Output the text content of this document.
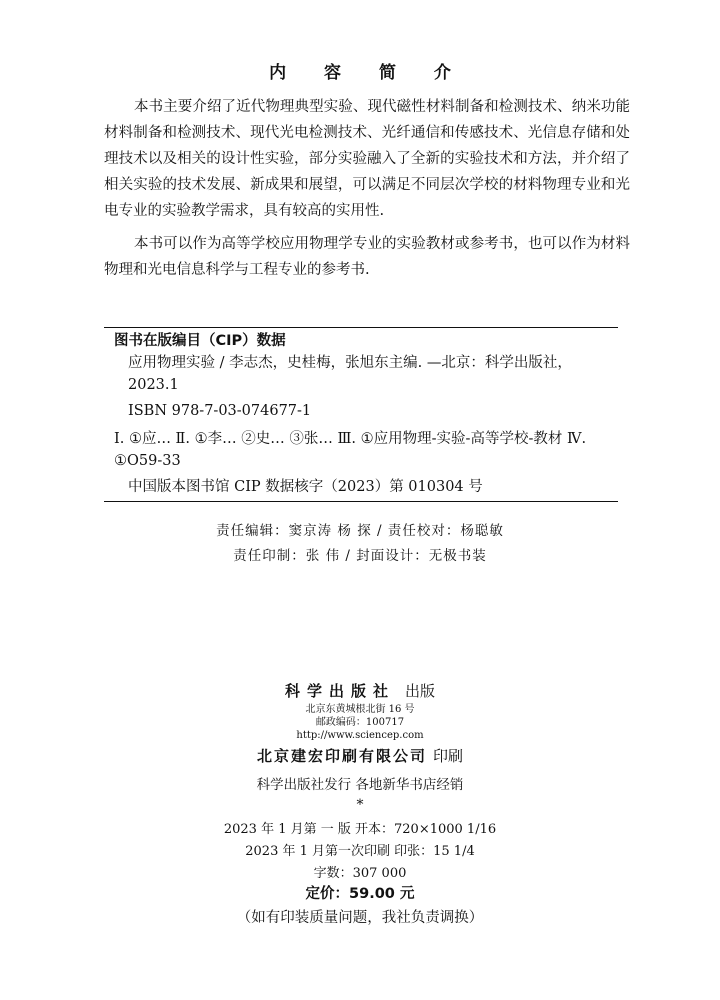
内 容 简 介

本书主要介绍了近代物理典型实验、现代磁性材料制备和检测技术、纳米功能材料制备和检测技术、现代光电检测技术、光纤通信和传感技术、光信息存储和处理技术以及相关的设计性实验，部分实验融入了全新的实验技术和方法，并介绍了相关实验的技术发展、新成果和展望，可以满足不同层次学校的材料物理专业和光电专业的实验教学需求，具有较高的实用性.

本书可以作为高等学校应用物理学专业的实验教材或参考书，也可以作为材料物理和光电信息科学与工程专业的参考书.

图书在版编目（CIP）数据
应用物理实验 / 李志杰，史桂梅，张旭东主编. —北京：科学出版社，2023.1
ISBN 978-7-03-074677-1
Ⅰ. ①应… Ⅱ. ①李… ②史… ③张… Ⅲ. ①应用物理-实验-高等学校-教材 Ⅳ. ①O59-33
中国版本图书馆 CIP 数据核字（2023）第 010304 号
责任编辑：窦京涛 杨 探 / 责任校对：杨聪敏
责任印制：张 伟 / 封面设计：无极书装
科学出版社 出版
北京东黄城根北街 16 号
邮政编码：100717
http://www.sciencep.com
北京建宏印刷有限公司 印刷
科学出版社发行 各地新华书店经销
*
2023 年 1 月第 一 版 开本：720×1000 1/16
2023 年 1 月第一次印刷 印张：15 1/4
字数：307 000
定价：59.00 元
（如有印装质量问题，我社负责调换）
